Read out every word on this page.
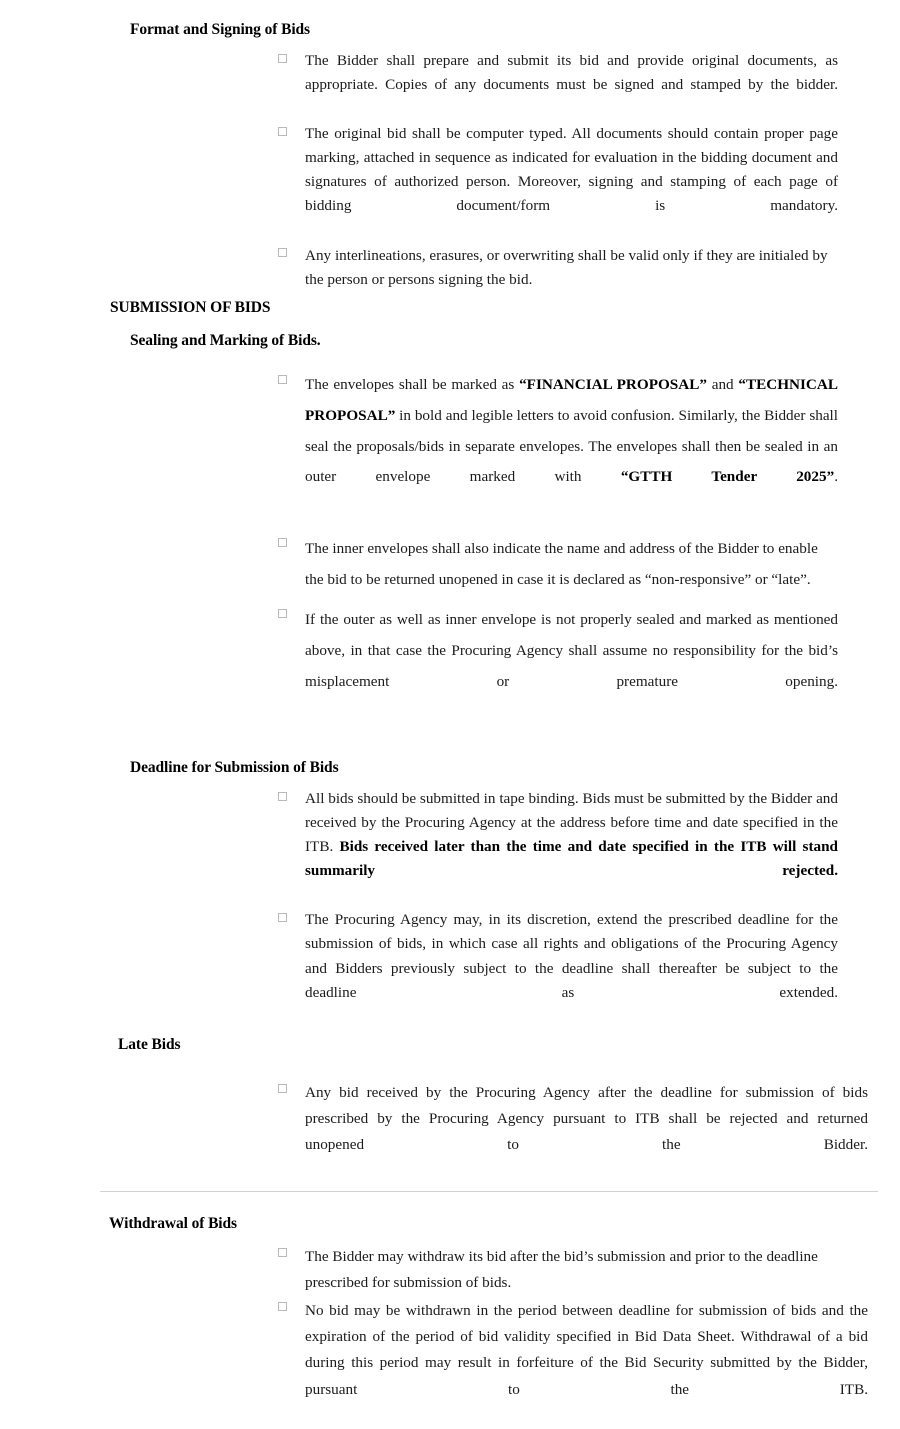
Format and Signing of Bids
The Bidder shall prepare and submit its bid and provide original documents, as appropriate. Copies of any documents must be signed and stamped by the bidder.
The original bid shall be computer typed. All documents should contain proper page marking, attached in sequence as indicated for evaluation in the bidding document and signatures of authorized person. Moreover, signing and stamping of each page of bidding document/form is mandatory.
Any interlineations, erasures, or overwriting shall be valid only if they are initialed by the person or persons signing the bid.
SUBMISSION OF BIDS
Sealing and Marking of Bids.
The envelopes shall be marked as “FINANCIAL PROPOSAL” and “TECHNICAL PROPOSAL” in bold and legible letters to avoid confusion. Similarly, the Bidder shall seal the proposals/bids in separate envelopes. The envelopes shall then be sealed in an outer envelope marked with “GTTH Tender 2025”.
The inner envelopes shall also indicate the name and address of the Bidder to enable the bid to be returned unopened in case it is declared as “non-responsive” or “late”.
If the outer as well as inner envelope is not properly sealed and marked as mentioned above, in that case the Procuring Agency shall assume no responsibility for the bid’s misplacement or premature opening.
Deadline for Submission of Bids
All bids should be submitted in tape binding. Bids must be submitted by the Bidder and received by the Procuring Agency at the address before time and date specified in the ITB. Bids received later than the time and date specified in the ITB will stand summarily rejected.
The Procuring Agency may, in its discretion, extend the prescribed deadline for the submission of bids, in which case all rights and obligations of the Procuring Agency and Bidders previously subject to the deadline shall thereafter be subject to the deadline as extended.
Late Bids
Any bid received by the Procuring Agency after the deadline for submission of bids prescribed by the Procuring Agency pursuant to ITB shall be rejected and returned unopened to the Bidder.
Withdrawal of Bids
The Bidder may withdraw its bid after the bid’s submission and prior to the deadline prescribed for submission of bids.
No bid may be withdrawn in the period between deadline for submission of bids and the expiration of the period of bid validity specified in Bid Data Sheet. Withdrawal of a bid during this period may result in forfeiture of the Bid Security submitted by the Bidder, pursuant to the ITB.
